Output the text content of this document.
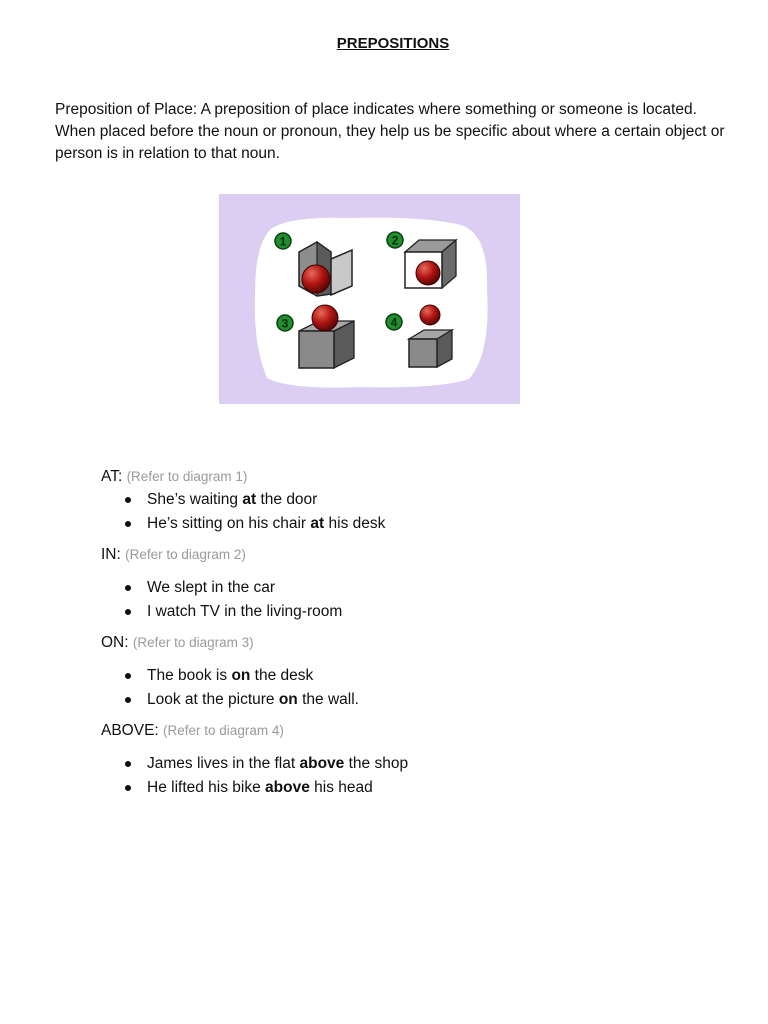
PREPOSITIONS
Preposition of Place: A preposition of place indicates where something or someone is located. When placed before the noun or pronoun, they help us be specific about where a certain object or person is in relation to that noun.
1	2
3	4
AT: (Refer to diagram 1)
She’s waiting at the door
He’s sitting on his chair at his desk
IN: (Refer to diagram 2)
We slept in the car
I watch TV in the living-room
ON: (Refer to diagram 3)
The book is on the desk
Look at the picture on the wall.
ABOVE: (Refer to diagram 4)
James lives in the flat above the shop
He lifted his bike above his head
